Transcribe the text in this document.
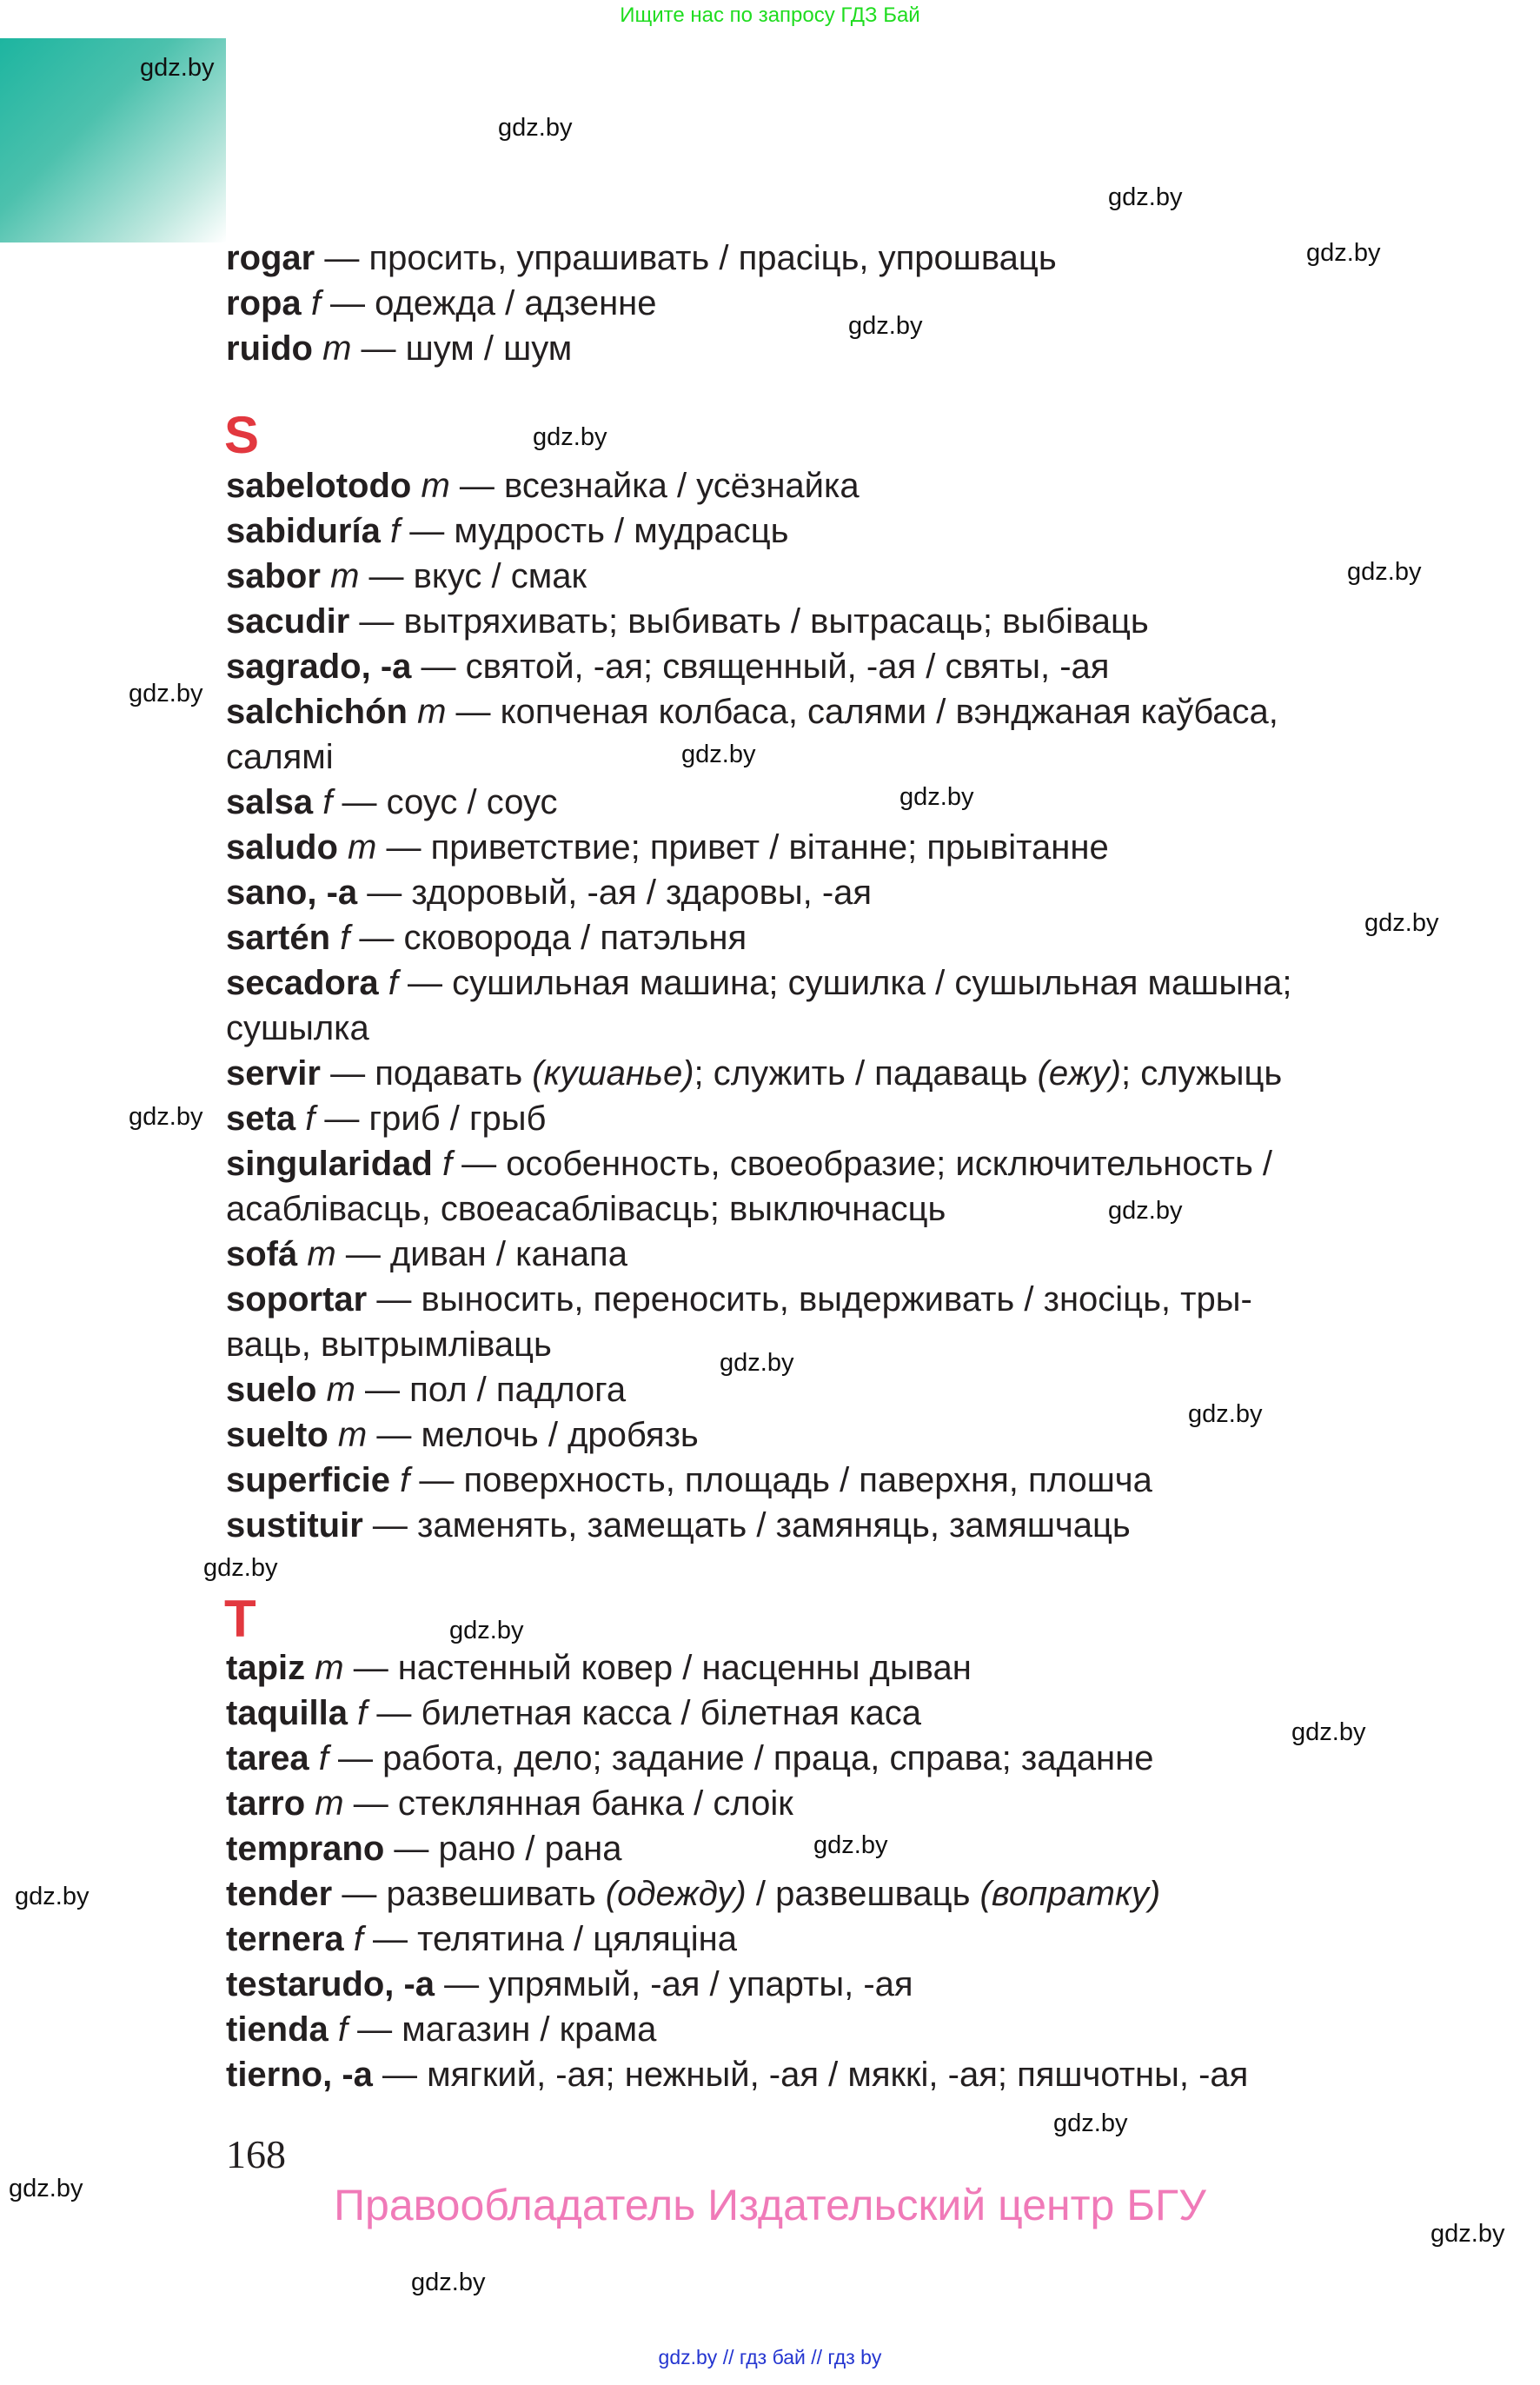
Ищите нас по запросу ГДЗ Бай
rogar — просить, упрашивать / прасіць, упрошваць
ropa f — одежда / адзенне
ruido m — шум / шум
S
sabelotodo m — всезнайка / усёзнайка
sabiduría f — мудрость / мудрасць
sabor m — вкус / смак
sacudir — вытряхивать; выбивать / вытрасаць; выбіваць
sagrado, -a — святой, -ая; священный, -ая / святы, -ая
salchichón m — копченая колбаса, салями / вэнджаная каўбаса,
салямі
salsa f — соус / соус
saludo m — приветствие; привет / вітанне; прывітанне
sano, -a — здоровый, -ая / здаровы, -ая
sartén f — сковорода / патэльня
secadora f — сушильная машина; сушилка / сушыльная машына;
сушылка
servir — подавать (кушанье); служить / падаваць (ежу); служыць
seta f — гриб / грыб
singularidad f — особенность, своеобразие; исключительность /
асаблівасць, своеасаблівасць; выключнасць
sofá m — диван / канапа
soportar — выносить, переносить, выдерживать / зносіць, тры-
ваць, вытрымліваць
suelo m — пол / падлога
suelto m — мелочь / дробязь
superficie f — поверхность, площадь / паверхня, плошча
sustituir — заменять, замещать / замяняць, замяшчаць
T
tapiz m — настенный ковер / насценны дыван
taquilla f — билетная касса / білетная каса
tarea f — работа, дело; задание / праца, справа; заданне
tarro m — стеклянная банка / слоік
temprano — рано / рана
tender — развешивать (одежду) / развешваць (вопратку)
ternera f — телятина / цяляціна
testarudo, -a — упрямый, -ая / упарты, -ая
tienda f — магазин / крама
tierno, -a — мягкий, -ая; нежный, -ая / мяккі, -ая; пяшчотны, -ая
gdz.by
gdz.by
gdz.by
gdz.by
gdz.by
gdz.by
gdz.by
gdz.by
gdz.by
gdz.by
gdz.by
gdz.by
gdz.by
gdz.by
gdz.by
gdz.by
gdz.by
gdz.by
gdz.by
gdz.by
gdz.by
gdz.by
gdz.by
gdz.by
168
Правообладатель Издательский центр БГУ
gdz.by // гдз бай // гдз by
